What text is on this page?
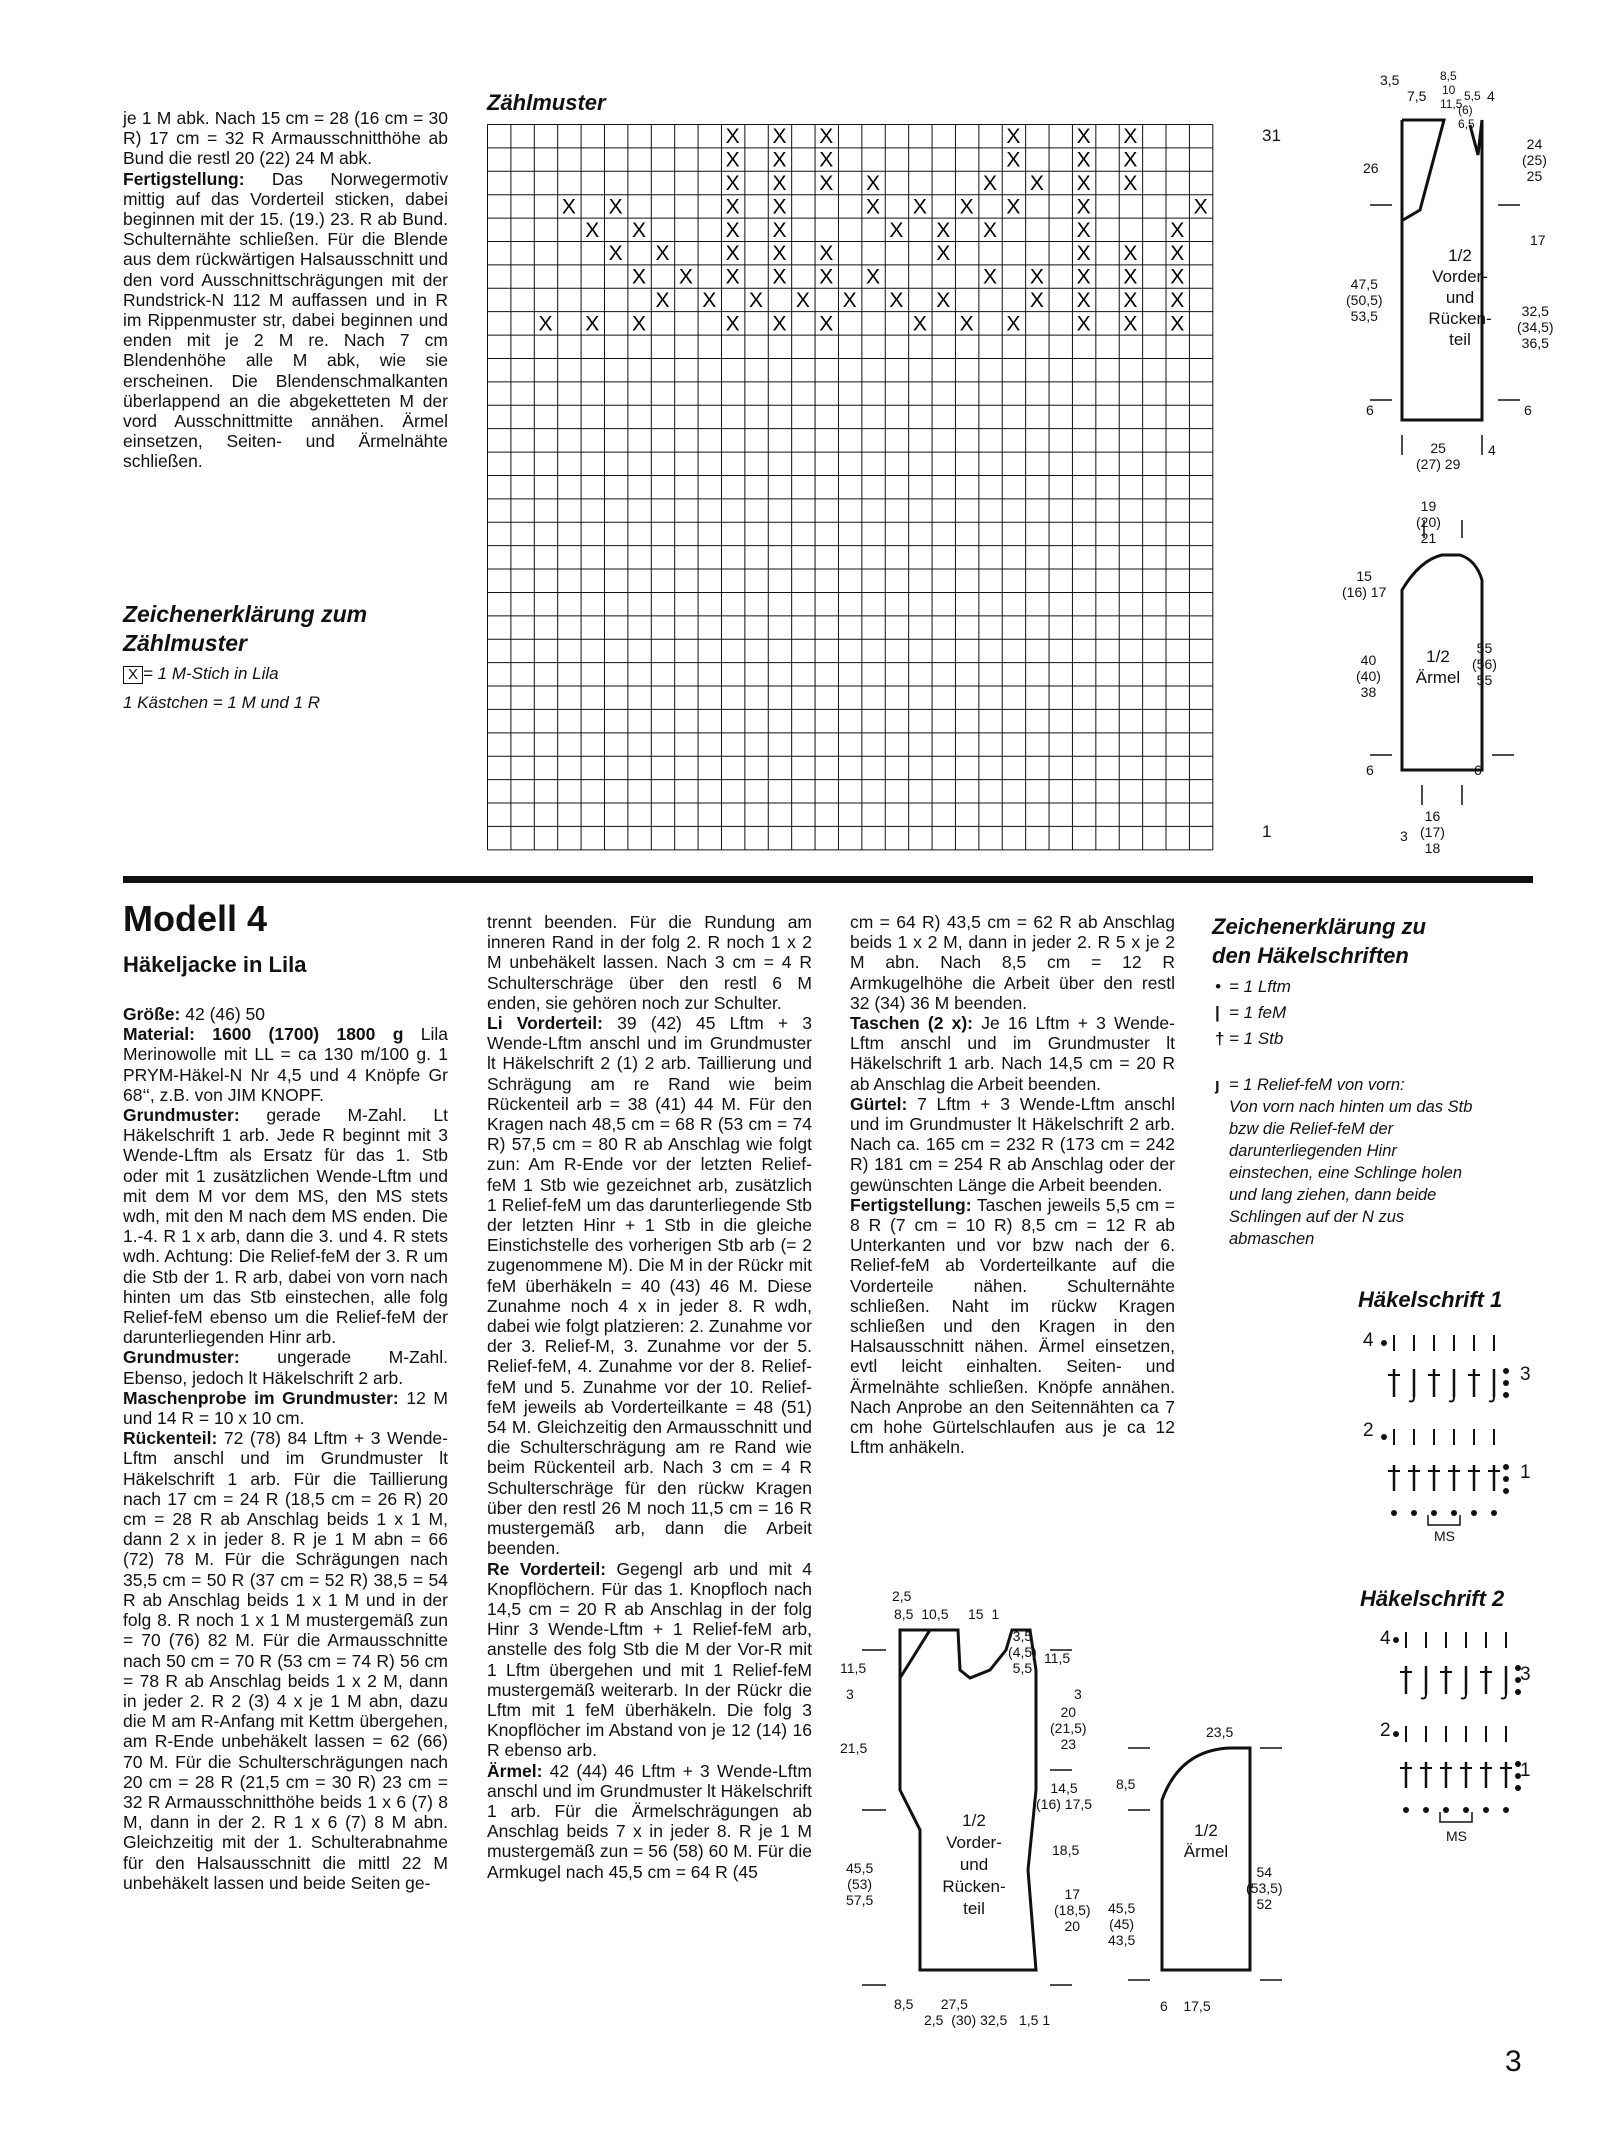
je 1 M abk. Nach 15 cm = 28 (16 cm = 30 R) 17 cm = 32 R Armausschnitthöhe ab Bund die restl 20 (22) 24 M abk.

Fertigstellung: Das Norwegermotiv mittig auf das Vorderteil sticken, dabei beginnen mit der 15. (19.) 23. R ab Bund. Schulternähte schließen. Für die Blende aus dem rückwärtigen Halsausschnitt und den vord Ausschnittschrägungen mit der Rundstrick-N 112 M auffassen und in R im Rippenmuster str, dabei beginnen und enden mit je 2 M re. Nach 7 cm Blendenhöhe alle M abk, wie sie erscheinen. Die Blendenschmalkanten überlappend an die abgeketteten M der vord Ausschnittmitte annähen. Ärmel einsetzen, Seiten- und Ärmelnähte schließen.

Zeichenerklärung zum Zählmuster
X = 1 M-Stich in Lila
1 Kästchen = 1 M und 1 R
Zählmuster
X X X	X	X X
X X X	X	X X
X X X X	X X X X
X X	X X	X X X X	X	X
X X	X X	X X X	X	X
X X	X X X	X	X X X
X X X X X X	X X X X X
X X X X X X X	X X X X
X X X	X X X	X X X	X X X
31
1
3,5
7,5
8,5
10
11,5
5,5
(6)
6,5
4
26
24
(25)
25
17
47,5
(50,5)
53,5
1/2
Vorder-
und
Rücken-
teil
32,5
(34,5)
36,5
6	6
25
(27) 29
4
19
(20)
21
15
(16) 17
40
(40)
38
1/2
Ärmel
55
(56)
55
6	6
16
(17)
18
3
Modell 4
Häkeljacke in Lila

Größe: 42 (46) 50

Material: 1600 (1700) 1800 g Lila Merinowolle mit LL = ca 130 m/100 g. 1 PRYM-Häkel-N Nr 4,5 und 4 Knöpfe Gr 68‘‘, z.B. von JIM KNOPF.

Grundmuster: gerade M-Zahl. Lt Häkelschrift 1 arb. Jede R beginnt mit 3 Wende-Lftm als Ersatz für das 1. Stb oder mit 1 zusätzlichen Wende-Lftm und mit dem M vor dem MS, den MS stets wdh, mit den M nach dem MS enden. Die 1.-4. R 1 x arb, dann die 3. und 4. R stets wdh. Achtung: Die Relief-feM der 3. R um die Stb der 1. R arb, dabei von vorn nach hinten um das Stb einstechen, alle folg Relief-feM ebenso um die Relief-feM der darunterliegenden Hinr arb.

Grundmuster: ungerade M-Zahl. Ebenso, jedoch lt Häkelschrift 2 arb.

Maschenprobe im Grundmuster: 12 M und 14 R = 10 x 10 cm.

Rückenteil: 72 (78) 84 Lftm + 3 Wende-Lftm anschl und im Grundmuster lt Häkelschrift 1 arb. Für die Taillierung nach 17 cm = 24 R (18,5 cm = 26 R) 20 cm = 28 R ab Anschlag beids 1 x 1 M, dann 2 x in jeder 8. R je 1 M abn = 66 (72) 78 M. Für die Schrägungen nach 35,5 cm = 50 R (37 cm = 52 R) 38,5 = 54 R ab Anschlag beids 1 x 1 M und in der folg 8. R noch 1 x 1 M mustergemäß zun = 70 (76) 82 M. Für die Armausschnitte nach 50 cm = 70 R (53 cm = 74 R) 56 cm = 78 R ab Anschlag beids 1 x 2 M, dann in jeder 2. R 2 (3) 4 x je 1 M abn, dazu die M am R-Anfang mit Kettm übergehen, am R-Ende unbehäkelt lassen = 62 (66) 70 M. Für die Schulterschrägungen nach 20 cm = 28 R (21,5 cm = 30 R) 23 cm = 32 R Armausschnitthöhe beids 1 x 6 (7) 8 M, dann in der 2. R 1 x 6 (7) 8 M abn. Gleichzeitig mit der 1. Schulterabnahme für den Halsausschnitt die mittl 22 M unbehäkelt lassen und beide Seiten ge-

trennt beenden. Für die Rundung am inneren Rand in der folg 2. R noch 1 x 2 M unbehäkelt lassen. Nach 3 cm = 4 R Schulterschräge über den restl 6 M enden, sie gehören noch zur Schulter.

Li Vorderteil: 39 (42) 45 Lftm + 3 Wende-Lftm anschl und im Grundmuster lt Häkelschrift 2 (1) 2 arb. Taillierung und Schrägung am re Rand wie beim Rückenteil arb = 38 (41) 44 M. Für den Kragen nach 48,5 cm = 68 R (53 cm = 74 R) 57,5 cm = 80 R ab Anschlag wie folgt zun: Am R-Ende vor der letzten Relief-feM 1 Stb wie gezeichnet arb, zusätzlich 1 Relief-feM um das darunterliegende Stb der letzten Hinr + 1 Stb in die gleiche Einstichstelle des vorherigen Stb arb (= 2 zugenommene M). Die M in der Rückr mit feM überhäkeln = 40 (43) 46 M. Diese Zunahme noch 4 x in jeder 8. R wdh, dabei wie folgt platzieren: 2. Zunahme vor der 3. Relief-M, 3. Zunahme vor der 5. Relief-feM, 4. Zunahme vor der 8. Relief-feM und 5. Zunahme vor der 10. Relief-feM jeweils ab Vorderteilkante = 48 (51) 54 M. Gleichzeitig den Armausschnitt und die Schulterschrägung am re Rand wie beim Rückenteil arb. Nach 3 cm = 4 R Schulterschräge für den rückw Kragen über den restl 26 M noch 11,5 cm = 16 R mustergemäß arb, dann die Arbeit beenden.

Re Vorderteil: Gegengl arb und mit 4 Knopflöchern. Für das 1. Knopfloch nach 14,5 cm = 20 R ab Anschlag in der folg Hinr 3 Wende-Lftm + 1 Relief-feM arb, anstelle des folg Stb die M der Vor-R mit 1 Lftm übergehen und mit 1 Relief-feM mustergemäß weiterarb. In der Rückr die Lftm mit 1 feM überhäkeln. Die folg 3 Knopflöcher im Abstand von je 12 (14) 16 R ebenso arb.

Ärmel: 42 (44) 46 Lftm + 3 Wende-Lftm anschl und im Grundmuster lt Häkelschrift 1 arb. Für die Ärmelschrägungen ab Anschlag beids 7 x in jeder 8. R je 1 M mustergemäß zun = 56 (58) 60 M. Für die Armkugel nach 45,5 cm = 64 R (45

cm = 64 R) 43,5 cm = 62 R ab Anschlag beids 1 x 2 M, dann in jeder 2. R 5 x je 2 M abn. Nach 8,5 cm = 12 R Armkugelhöhe die Arbeit über den restl 32 (34) 36 M beenden.

Taschen (2 x): Je 16 Lftm + 3 Wende-Lftm anschl und im Grundmuster lt Häkelschrift 1 arb. Nach 14,5 cm = 20 R ab Anschlag die Arbeit beenden.

Gürtel: 7 Lftm + 3 Wende-Lftm anschl und im Grundmuster lt Häkelschrift 2 arb. Nach ca. 165 cm = 232 R (173 cm = 242 R) 181 cm = 254 R ab Anschlag oder der gewünschten Länge die Arbeit beenden.

Fertigstellung: Taschen jeweils 5,5 cm = 8 R (7 cm = 10 R) 8,5 cm = 12 R ab Unterkanten und vor bzw nach der 6. Relief-feM ab Vorderteilkante auf die Vorderteile nähen. Schulternähte schließen. Naht im rückw Kragen schließen und den Kragen in den Halsausschnitt nähen. Ärmel einsetzen, evtl leicht einhalten. Seiten- und Ärmelnähte schließen. Knöpfe annähen. Nach Anprobe an den Seitennähten ca 7 cm hohe Gürtelschlaufen aus je ca 12 Lftm anhäkeln.

Zeichenerklärung zu
den Häkelschriften
• = 1 Lftm
| = 1 feM
† = 1 Stb
ȷ = 1 Relief-feM von vorn:
Von vorn nach hinten um das Stb bzw die Relief-feM der darunterliegenden Hinr einstechen, eine Schlinge holen und lang ziehen, dann beide Schlingen auf der N zus abmaschen
Häkelschrift 1
4
3
2
1
MS
Häkelschrift 2
4
3
2
1
MS
2,5
8,5 10,5 15 1
3,5
(4,5)
5,5
11,5
11,5
3	3
20
(21,5)
23
21,5
14,5
(16) 17,5
18,5
1/2
Vorder-
und
Rücken-
teil
45,5
(53)
57,5	17
(18,5)
20
8,5 27,5
2,5 (30) 32,5 1,5 1
23,5
8,5
1/2
Ärmel
45,5
(45)
43,5
54
(53,5)
52
6 17,5
3
